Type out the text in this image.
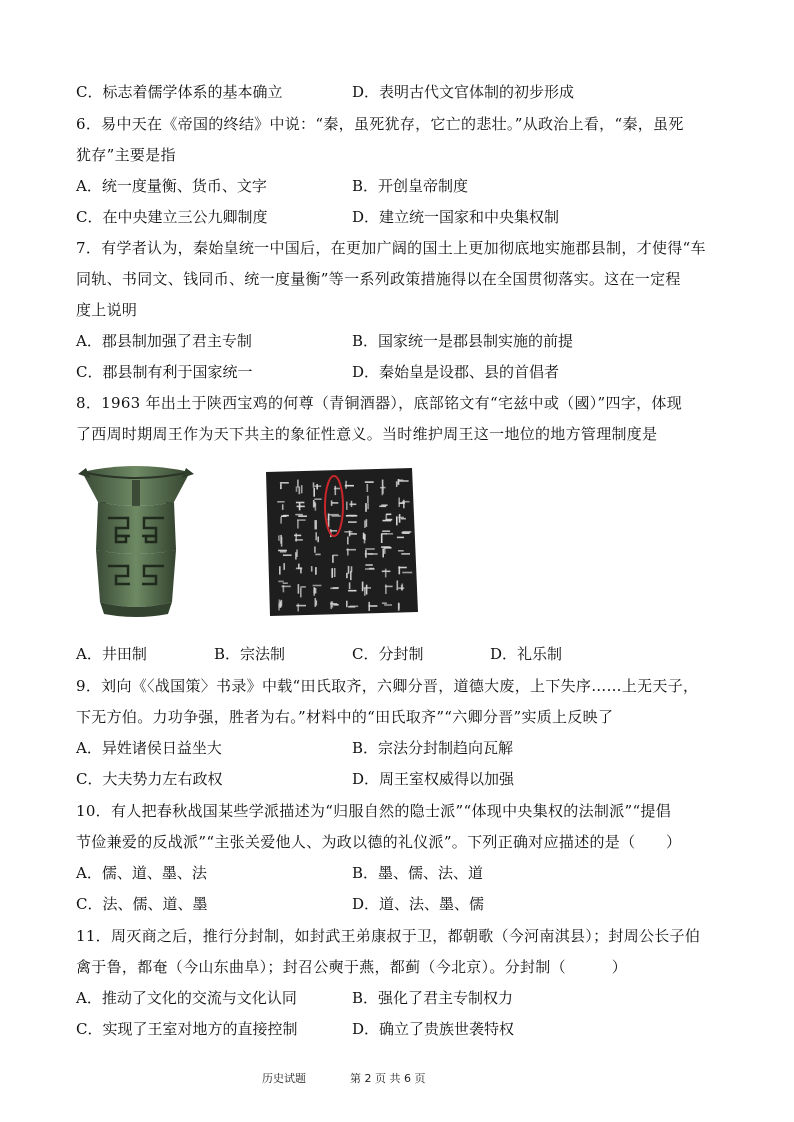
C．标志着儒学体系的基本确立	D．表明古代文官体制的初步形成
6．易中天在《帝国的终结》中说：“秦，虽死犹存，它亡的悲壮。”从政治上看，“秦，虽死
犹存”主要是指
A．统一度量衡、货币、文字	B．开创皇帝制度
C．在中央建立三公九卿制度	D．建立统一国家和中央集权制
7．有学者认为，秦始皇统一中国后，在更加广阔的国土上更加彻底地实施郡县制，才使得“车
同轨、书同文、钱同币、统一度量衡”等一系列政策措施得以在全国贯彻落实。这在一定程
度上说明
A．郡县制加强了君主专制	B．国家统一是郡县制实施的前提
C．郡县制有利于国家统一	D．秦始皇是设郡、县的首倡者
8．1963 年出土于陕西宝鸡的何尊（青铜酒器），底部铭文有“宅兹中或（國）”四字，体现
了西周时期周王作为天下共主的象征性意义。当时维护周王这一地位的地方管理制度是
A．井田制	B．宗法制	C．分封制	D．礼乐制
9．刘向《〈战国策〉书录》中载“田氏取齐，六卿分晋，道德大废，上下失序……上无天子，
下无方伯。力功争强，胜者为右。”材料中的“田氏取齐”“六卿分晋”实质上反映了
A．异姓诸侯日益坐大	B．宗法分封制趋向瓦解
C．大夫势力左右政权	D．周王室权威得以加强
10．有人把春秋战国某些学派描述为“归服自然的隐士派”“体现中央集权的法制派”“提倡
节俭兼爱的反战派”“主张关爱他人、为政以德的礼仪派”。下列正确对应描述的是（　　）
A．儒、道、墨、法	B．墨、儒、法、道
C．法、儒、道、墨	D．道、法、墨、儒
11．周灭商之后，推行分封制，如封武王弟康叔于卫，都朝歌（今河南淇县）；封周公长子伯
禽于鲁，都奄（今山东曲阜）；封召公奭于燕，都蓟（今北京）。分封制（　　　）
A．推动了文化的交流与文化认同	B．强化了君主专制权力
C．实现了王室对地方的直接控制	D．确立了贵族世袭特权
历史试题	第 2 页 共 6 页
